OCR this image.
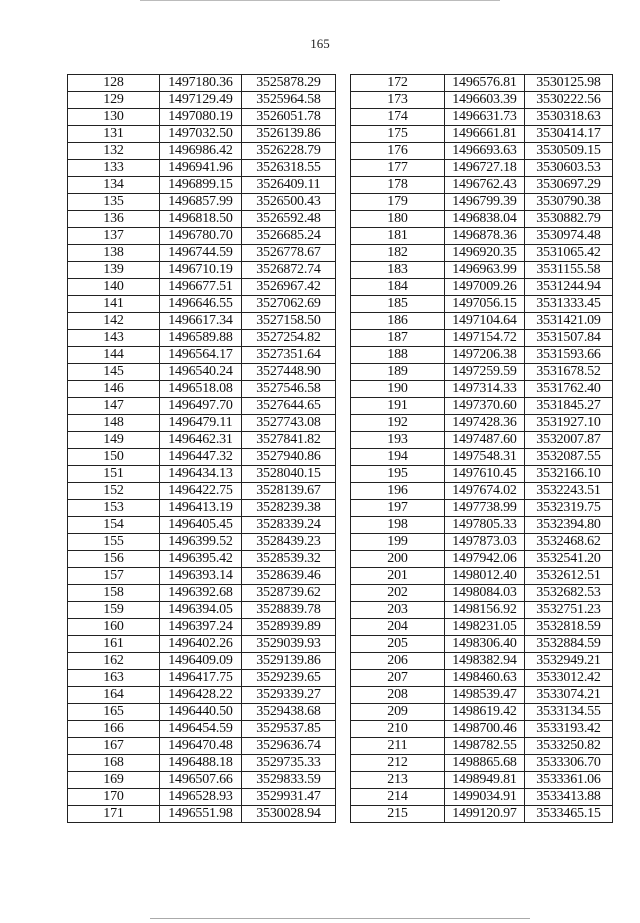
165
128	1497180.36	3525878.29
129	1497129.49	3525964.58
130	1497080.19	3526051.78
131	1497032.50	3526139.86
132	1496986.42	3526228.79
133	1496941.96	3526318.55
134	1496899.15	3526409.11
135	1496857.99	3526500.43
136	1496818.50	3526592.48
137	1496780.70	3526685.24
138	1496744.59	3526778.67
139	1496710.19	3526872.74
140	1496677.51	3526967.42
141	1496646.55	3527062.69
142	1496617.34	3527158.50
143	1496589.88	3527254.82
144	1496564.17	3527351.64
145	1496540.24	3527448.90
146	1496518.08	3527546.58
147	1496497.70	3527644.65
148	1496479.11	3527743.08
149	1496462.31	3527841.82
150	1496447.32	3527940.86
151	1496434.13	3528040.15
152	1496422.75	3528139.67
153	1496413.19	3528239.38
154	1496405.45	3528339.24
155	1496399.52	3528439.23
156	1496395.42	3528539.32
157	1496393.14	3528639.46
158	1496392.68	3528739.62
159	1496394.05	3528839.78
160	1496397.24	3528939.89
161	1496402.26	3529039.93
162	1496409.09	3529139.86
163	1496417.75	3529239.65
164	1496428.22	3529339.27
165	1496440.50	3529438.68
166	1496454.59	3529537.85
167	1496470.48	3529636.74
168	1496488.18	3529735.33
169	1496507.66	3529833.59
170	1496528.93	3529931.47
171	1496551.98	3530028.94
172	1496576.81	3530125.98
173	1496603.39	3530222.56
174	1496631.73	3530318.63
175	1496661.81	3530414.17
176	1496693.63	3530509.15
177	1496727.18	3530603.53
178	1496762.43	3530697.29
179	1496799.39	3530790.38
180	1496838.04	3530882.79
181	1496878.36	3530974.48
182	1496920.35	3531065.42
183	1496963.99	3531155.58
184	1497009.26	3531244.94
185	1497056.15	3531333.45
186	1497104.64	3531421.09
187	1497154.72	3531507.84
188	1497206.38	3531593.66
189	1497259.59	3531678.52
190	1497314.33	3531762.40
191	1497370.60	3531845.27
192	1497428.36	3531927.10
193	1497487.60	3532007.87
194	1497548.31	3532087.55
195	1497610.45	3532166.10
196	1497674.02	3532243.51
197	1497738.99	3532319.75
198	1497805.33	3532394.80
199	1497873.03	3532468.62
200	1497942.06	3532541.20
201	1498012.40	3532612.51
202	1498084.03	3532682.53
203	1498156.92	3532751.23
204	1498231.05	3532818.59
205	1498306.40	3532884.59
206	1498382.94	3532949.21
207	1498460.63	3533012.42
208	1498539.47	3533074.21
209	1498619.42	3533134.55
210	1498700.46	3533193.42
211	1498782.55	3533250.82
212	1498865.68	3533306.70
213	1498949.81	3533361.06
214	1499034.91	3533413.88
215	1499120.97	3533465.15
